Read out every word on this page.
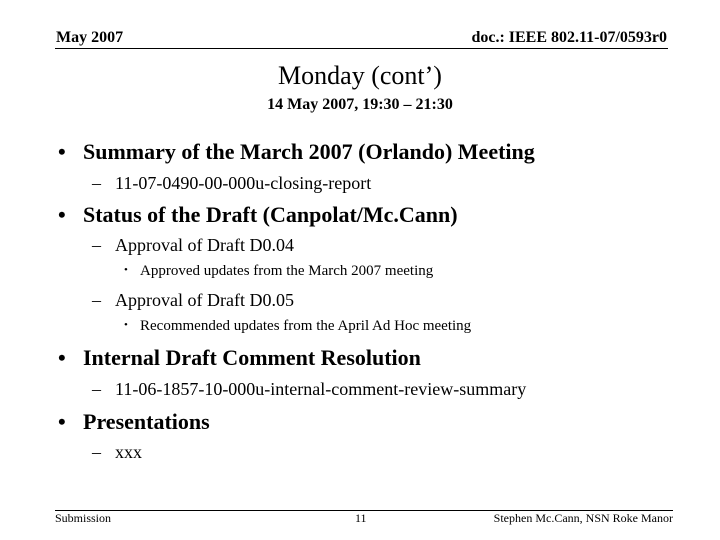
May 2007	doc.: IEEE 802.11-07/0593r0
Monday (cont’)
14 May 2007, 19:30 – 21:30
• Summary of the March 2007 (Orlando) Meeting
– 11-07-0490-00-000u-closing-report
• Status of the Draft (Canpolat/Mc.Cann)
– Approval of Draft D0.04
• Approved updates from the March 2007 meeting
– Approval of Draft D0.05
• Recommended updates from the April Ad Hoc meeting
• Internal Draft Comment Resolution
– 11-06-1857-10-000u-internal-comment-review-summary
• Presentations
– xxx
Submission	11	Stephen Mc.Cann, NSN Roke Manor
